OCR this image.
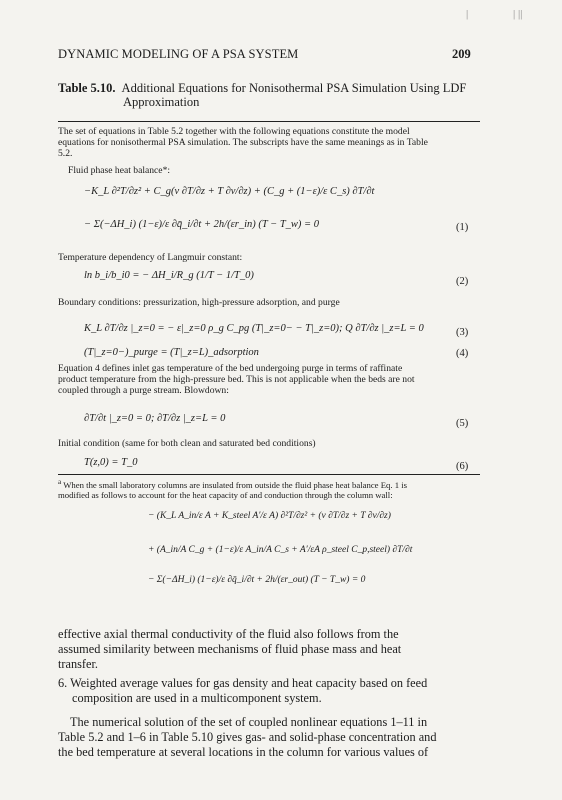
|	| ||
DYNAMIC MODELING OF A PSA SYSTEM	209
Table 5.10. Additional Equations for Nonisothermal PSA Simulation Using LDF
Approximation
The set of equations in Table 5.2 together with the following equations constitute the model
equations for nonisothermal PSA simulation. The subscripts have the same meanings as in Table
5.2.
Fluid phase heat balance*:
−K_L ∂²T/∂z² + C_g(v ∂T/∂z + T ∂v/∂z) + (C_g + (1−ε)/ε C_s) ∂T/∂t
− Σ(−ΔH_i) (1−ε)/ε ∂q̄_i/∂t + 2h/(εr_in) (T − T_w) = 0	(1)
Temperature dependency of Langmuir constant:
ln b_i/b_i0 = − ΔH_i/R_g (1/T − 1/T_0)
(2)
Boundary conditions: pressurization, high-pressure adsorption, and purge
K_L ∂T/∂z |_z=0 = − ε|_z=0 ρ_g C_pg (T|_z=0− − T|_z=0); Q ∂T/∂z |_z=L = 0	(3)
(T|_z=0−)_purge = (T|_z=L)_adsorption	(4)
Equation 4 defines inlet gas temperature of the bed undergoing purge in terms of raffinate
product temperature from the high-pressure bed. This is not applicable when the beds are not
coupled through a purge stream. Blowdown:
∂T/∂t |_z=0 = 0; ∂T/∂z |_z=L = 0	(5)
Initial condition (same for both clean and saturated bed conditions)
T(z,0) = T_0	(6)
$^a$ When the small laboratory columns are insulated from outside the fluid phase heat balance Eq. 1 is
modified as follows to account for the heat capacity of and conduction through the column wall:
− (K_L A_in/ε A + K_steel A′/ε A) ∂²T/∂z² + (v ∂T/∂z + T ∂v/∂z)
+ (A_in/A C_g + (1−ε)/ε A_in/A C_s + A′/εA ρ_steel C_p,steel) ∂T/∂t
− Σ(−ΔH_i) (1−ε)/ε ∂q̄_i/∂t + 2h/(εr_out) (T − T_w) = 0
effective axial thermal conductivity of the fluid also follows from the
assumed similarity between mechanisms of fluid phase mass and heat
transfer.
6. Weighted average values for gas density and heat capacity based on feed
composition are used in a multicomponent system.
The numerical solution of the set of coupled nonlinear equations 1–11 in
Table 5.2 and 1–6 in Table 5.10 gives gas- and solid-phase concentration and
the bed temperature at several locations in the column for various values of
